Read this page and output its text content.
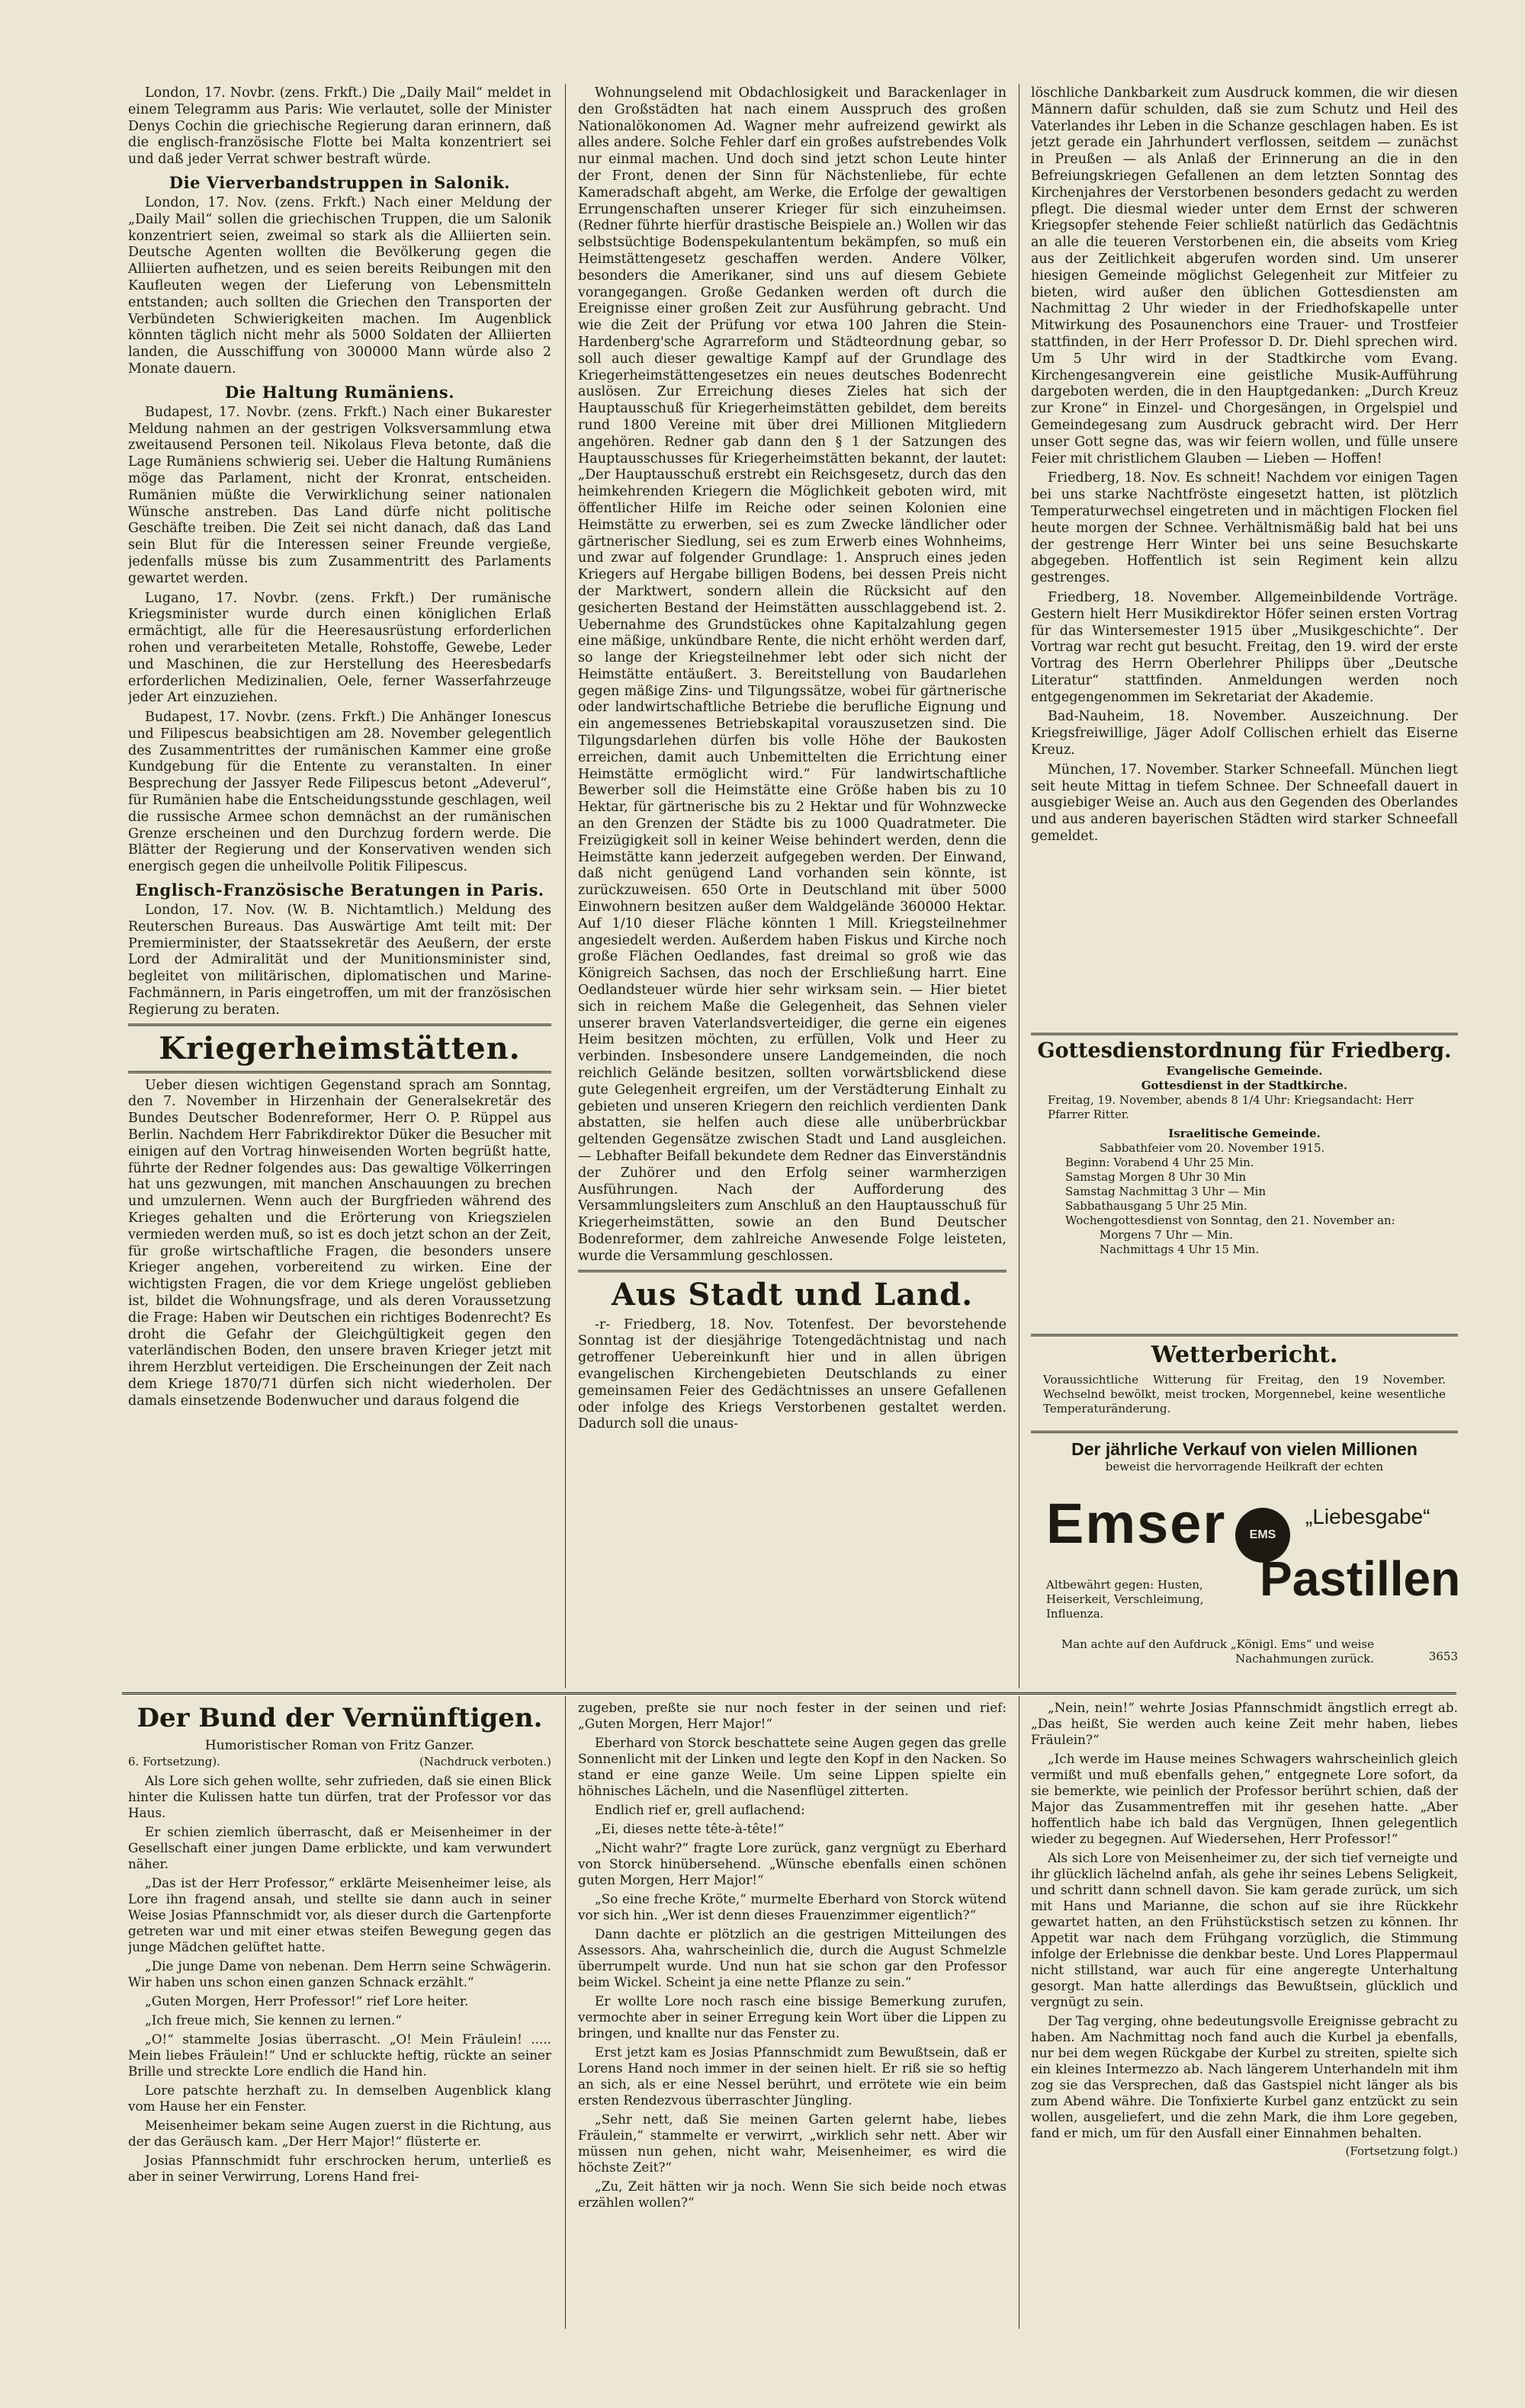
London, 17. Novbr. (zens. Frkft.) Die „Daily Mail“ meldet in einem Telegramm aus Paris: Wie verlautet, solle der Minister Denys Cochin die griechische Regierung daran erinnern, daß die englisch-französische Flotte bei Malta konzentriert sei und daß jeder Verrat schwer bestraft würde.

Die Vierverbandstruppen in Salonik.

London, 17. Nov. (zens. Frkft.) Nach einer Meldung der „Daily Mail“ sollen die griechischen Truppen, die um Salonik konzentriert seien, zweimal so stark als die Alliierten sein. Deutsche Agenten wollten die Bevölkerung gegen die Alliierten aufhetzen, und es seien bereits Reibungen mit den Kaufleuten wegen der Lieferung von Lebensmitteln entstanden; auch sollten die Griechen den Transporten der Verbündeten Schwierigkeiten machen. Im Augenblick könnten täglich nicht mehr als 5000 Soldaten der Alliierten landen, die Ausschiffung von 300000 Mann würde also 2 Monate dauern.

Die Haltung Rumäniens.

Budapest, 17. Novbr. (zens. Frkft.) Nach einer Bukarester Meldung nahmen an der gestrigen Volksversammlung etwa zweitausend Personen teil. Nikolaus Fleva betonte, daß die Lage Rumäniens schwierig sei. Ueber die Haltung Rumäniens möge das Parlament, nicht der Kronrat, entscheiden. Rumänien müßte die Verwirklichung seiner nationalen Wünsche anstreben. Das Land dürfe nicht politische Geschäfte treiben. Die Zeit sei nicht danach, daß das Land sein Blut für die Interessen seiner Freunde vergieße, jedenfalls müsse bis zum Zusammentritt des Parlaments gewartet werden.

Lugano, 17. Novbr. (zens. Frkft.) Der rumänische Kriegsminister wurde durch einen königlichen Erlaß ermächtigt, alle für die Heeresausrüstung erforderlichen rohen und verarbeiteten Metalle, Rohstoffe, Gewebe, Leder und Maschinen, die zur Herstellung des Heeresbedarfs erforderlichen Medizinalien, Oele, ferner Wasserfahrzeuge jeder Art einzuziehen.

Budapest, 17. Novbr. (zens. Frkft.) Die Anhänger Ionescus und Filipescus beabsichtigen am 28. November gelegentlich des Zusammentrittes der rumänischen Kammer eine große Kundgebung für die Entente zu veranstalten. In einer Besprechung der Jassyer Rede Filipescus betont „Adeverul“, für Rumänien habe die Entscheidungsstunde geschlagen, weil die russische Armee schon demnächst an der rumänischen Grenze erscheinen und den Durchzug fordern werde. Die Blätter der Regierung und der Konservativen wenden sich energisch gegen die unheilvolle Politik Filipescus.

Englisch-Französische Beratungen in Paris.

London, 17. Nov. (W. B. Nichtamtlich.) Meldung des Reuterschen Bureaus. Das Auswärtige Amt teilt mit: Der Premierminister, der Staatssekretär des Aeußern, der erste Lord der Admiralität und der Munitionsminister sind, begleitet von militärischen, diplomatischen und Marine-Fachmännern, in Paris eingetroffen, um mit der französischen Regierung zu beraten.

Kriegerheimstätten.

Ueber diesen wichtigen Gegenstand sprach am Sonntag, den 7. November in Hirzenhain der Generalsekretär des Bundes Deutscher Bodenreformer, Herr O. P. Rüppel aus Berlin. Nachdem Herr Fabrikdirektor Düker die Besucher mit einigen auf den Vortrag hinweisenden Worten begrüßt hatte, führte der Redner folgendes aus: Das gewaltige Völkerringen hat uns gezwungen, mit manchen Anschauungen zu brechen und umzulernen. Wenn auch der Burgfrieden während des Krieges gehalten und die Erörterung von Kriegszielen vermieden werden muß, so ist es doch jetzt schon an der Zeit, für große wirtschaftliche Fragen, die besonders unsere Krieger angehen, vorbereitend zu wirken. Eine der wichtigsten Fragen, die vor dem Kriege ungelöst geblieben ist, bildet die Wohnungsfrage, und als deren Voraussetzung die Frage: Haben wir Deutschen ein richtiges Bodenrecht? Es droht die Gefahr der Gleichgültigkeit gegen den vaterländischen Boden, den unsere braven Krieger jetzt mit ihrem Herzblut verteidigen. Die Erscheinungen der Zeit nach dem Kriege 1870/71 dürfen sich nicht wiederholen. Der damals einsetzende Bodenwucher und daraus folgend die

Wohnungselend mit Obdachlosigkeit und Barackenlager in den Großstädten hat nach einem Ausspruch des großen Nationalökonomen Ad. Wagner mehr aufreizend gewirkt als alles andere. Solche Fehler darf ein großes aufstrebendes Volk nur einmal machen. Und doch sind jetzt schon Leute hinter der Front, denen der Sinn für Nächstenliebe, für echte Kameradschaft abgeht, am Werke, die Erfolge der gewaltigen Errungenschaften unserer Krieger für sich einzuheimsen. (Redner führte hierfür drastische Beispiele an.) Wollen wir das selbstsüchtige Bodenspekulantentum bekämpfen, so muß ein Heimstättengesetz geschaffen werden. Andere Völker, besonders die Amerikaner, sind uns auf diesem Gebiete vorangegangen. Große Gedanken werden oft durch die Ereignisse einer großen Zeit zur Ausführung gebracht. Und wie die Zeit der Prüfung vor etwa 100 Jahren die Stein-Hardenberg'sche Agrarreform und Städteordnung gebar, so soll auch dieser gewaltige Kampf auf der Grundlage des Kriegerheimstättengesetzes ein neues deutsches Bodenrecht auslösen. Zur Erreichung dieses Zieles hat sich der Hauptausschuß für Kriegerheimstätten gebildet, dem bereits rund 1800 Vereine mit über drei Millionen Mitgliedern angehören. Redner gab dann den § 1 der Satzungen des Hauptausschusses für Kriegerheimstätten bekannt, der lautet: „Der Hauptausschuß erstrebt ein Reichsgesetz, durch das den heimkehrenden Kriegern die Möglichkeit geboten wird, mit öffentlicher Hilfe im Reiche oder seinen Kolonien eine Heimstätte zu erwerben, sei es zum Zwecke ländlicher oder gärtnerischer Siedlung, sei es zum Erwerb eines Wohnheims, und zwar auf folgender Grundlage: 1. Anspruch eines jeden Kriegers auf Hergabe billigen Bodens, bei dessen Preis nicht der Marktwert, sondern allein die Rücksicht auf den gesicherten Bestand der Heimstätten ausschlaggebend ist. 2. Uebernahme des Grundstückes ohne Kapitalzahlung gegen eine mäßige, unkündbare Rente, die nicht erhöht werden darf, so lange der Kriegsteilnehmer lebt oder sich nicht der Heimstätte entäußert. 3. Bereitstellung von Baudarlehen gegen mäßige Zins- und Tilgungssätze, wobei für gärtnerische oder landwirtschaftliche Betriebe die berufliche Eignung und ein angemessenes Betriebskapital vorauszusetzen sind. Die Tilgungsdarlehen dürfen bis volle Höhe der Baukosten erreichen, damit auch Unbemittelten die Errichtung einer Heimstätte ermöglicht wird.“ Für landwirtschaftliche Bewerber soll die Heimstätte eine Größe haben bis zu 10 Hektar, für gärtnerische bis zu 2 Hektar und für Wohnzwecke an den Grenzen der Städte bis zu 1000 Quadratmeter. Die Freizügigkeit soll in keiner Weise behindert werden, denn die Heimstätte kann jederzeit aufgegeben werden. Der Einwand, daß nicht genügend Land vorhanden sein könnte, ist zurückzuweisen. 650 Orte in Deutschland mit über 5000 Einwohnern besitzen außer dem Waldgelände 360000 Hektar. Auf 1/10 dieser Fläche könnten 1 Mill. Kriegsteilnehmer angesiedelt werden. Außerdem haben Fiskus und Kirche noch große Flächen Oedlandes, fast dreimal so groß wie das Königreich Sachsen, das noch der Erschließung harrt. Eine Oedlandsteuer würde hier sehr wirksam sein. — Hier bietet sich in reichem Maße die Gelegenheit, das Sehnen vieler unserer braven Vaterlandsverteidiger, die gerne ein eigenes Heim besitzen möchten, zu erfüllen, Volk und Heer zu verbinden. Insbesondere unsere Landgemeinden, die noch reichlich Gelände besitzen, sollten vorwärtsblickend diese gute Gelegenheit ergreifen, um der Verstädterung Einhalt zu gebieten und unseren Kriegern den reichlich verdienten Dank abstatten, sie helfen auch diese alle unüberbrückbar geltenden Gegensätze zwischen Stadt und Land ausgleichen. — Lebhafter Beifall bekundete dem Redner das Einverständnis der Zuhörer und den Erfolg seiner warmherzigen Ausführungen. Nach der Aufforderung des Versammlungsleiters zum Anschluß an den Hauptausschuß für Kriegerheimstätten, sowie an den Bund Deutscher Bodenreformer, dem zahlreiche Anwesende Folge leisteten, wurde die Versammlung geschlossen.

Aus Stadt und Land.

-r- Friedberg, 18. Nov. Totenfest. Der bevorstehende Sonntag ist der diesjährige Totengedächtnistag und nach getroffener Uebereinkunft hier und in allen übrigen evangelischen Kirchengebieten Deutschlands zu einer gemeinsamen Feier des Gedächtnisses an unsere Gefallenen oder infolge des Kriegs Verstorbenen gestaltet werden. Dadurch soll die unaus-

löschliche Dankbarkeit zum Ausdruck kommen, die wir diesen Männern dafür schulden, daß sie zum Schutz und Heil des Vaterlandes ihr Leben in die Schanze geschlagen haben. Es ist jetzt gerade ein Jahrhundert verflossen, seitdem — zunächst in Preußen — als Anlaß der Erinnerung an die in den Befreiungskriegen Gefallenen an dem letzten Sonntag des Kirchenjahres der Verstorbenen besonders gedacht zu werden pflegt. Die diesmal wieder unter dem Ernst der schweren Kriegsopfer stehende Feier schließt natürlich das Gedächtnis an alle die teueren Verstorbenen ein, die abseits vom Krieg aus der Zeitlichkeit abgerufen worden sind. Um unserer hiesigen Gemeinde möglichst Gelegenheit zur Mitfeier zu bieten, wird außer den üblichen Gottesdiensten am Nachmittag 2 Uhr wieder in der Friedhofskapelle unter Mitwirkung des Posaunenchors eine Trauer- und Trostfeier stattfinden, in der Herr Professor D. Dr. Diehl sprechen wird. Um 5 Uhr wird in der Stadtkirche vom Evang. Kirchengesangverein eine geistliche Musik-Aufführung dargeboten werden, die in den Hauptgedanken: „Durch Kreuz zur Krone“ in Einzel- und Chorgesängen, in Orgelspiel und Gemeindegesang zum Ausdruck gebracht wird. Der Herr unser Gott segne das, was wir feiern wollen, und fülle unsere Feier mit christlichem Glauben — Lieben — Hoffen!

Friedberg, 18. Nov. Es schneit! Nachdem vor einigen Tagen bei uns starke Nachtfröste eingesetzt hatten, ist plötzlich Temperaturwechsel eingetreten und in mächtigen Flocken fiel heute morgen der Schnee. Verhältnismäßig bald hat bei uns der gestrenge Herr Winter bei uns seine Besuchskarte abgegeben. Hoffentlich ist sein Regiment kein allzu gestrenges.

Friedberg, 18. November. Allgemeinbildende Vorträge. Gestern hielt Herr Musikdirektor Höfer seinen ersten Vortrag für das Wintersemester 1915 über „Musikgeschichte“. Der Vortrag war recht gut besucht. Freitag, den 19. wird der erste Vortrag des Herrn Oberlehrer Philipps über „Deutsche Literatur“ stattfinden. Anmeldungen werden noch entgegengenommen im Sekretariat der Akademie.

Bad-Nauheim, 18. November. Auszeichnung. Der Kriegsfreiwillige, Jäger Adolf Collischen erhielt das Eiserne Kreuz.

München, 17. November. Starker Schneefall. München liegt seit heute Mittag in tiefem Schnee. Der Schneefall dauert in ausgiebiger Weise an. Auch aus den Gegenden des Oberlandes und aus anderen bayerischen Städten wird starker Schneefall gemeldet.

Gottesdienstordnung für Friedberg.
Evangelische Gemeinde.
Gottesdienst in der Stadtkirche.
Freitag, 19. November, abends 8 1/4 Uhr: Kriegsandacht: Herr Pfarrer Ritter.
Israelitische Gemeinde.
Sabbathfeier vom 20. November 1915.
Beginn: Vorabend 4 Uhr 25 Min.
Samstag Morgen 8 Uhr 30 Min
Samstag Nachmittag 3 Uhr — Min
Sabbathausgang 5 Uhr 25 Min.
Wochengottesdienst von Sonntag, den 21. November an:
Morgens 7 Uhr — Min.
Nachmittags 4 Uhr 15 Min.
Wetterbericht.
Voraussichtliche Witterung für Freitag, den 19 November. Wechselnd bewölkt, meist trocken, Morgennebel, keine wesentliche Temperaturänderung.
Der jährliche Verkauf von vielen Millionen
beweist die hervorragende Heilkraft der echten
Emser	EMS
„Liebesgabe“
Pastillen
Altbewährt gegen: Husten, Heiserkeit, Verschleimung, Influenza.
Man achte auf den Aufdruck „Königl. Ems“ und weise Nachahmungen zurück.	3653
Der Bund der Vernünftigen.
Humoristischer Roman von Fritz Ganzer.
6. Fortsetzung).	(Nachdruck verboten.)

Als Lore sich gehen wollte, sehr zufrieden, daß sie einen Blick hinter die Kulissen hatte tun dürfen, trat der Professor vor das Haus.

Er schien ziemlich überrascht, daß er Meisenheimer in der Gesellschaft einer jungen Dame erblickte, und kam verwundert näher.

„Das ist der Herr Professor,“ erklärte Meisenheimer leise, als Lore ihn fragend ansah, und stellte sie dann auch in seiner Weise Josias Pfannschmidt vor, als dieser durch die Gartenpforte getreten war und mit einer etwas steifen Bewegung gegen das junge Mädchen gelüftet hatte.

„Die junge Dame von nebenan. Dem Herrn seine Schwägerin. Wir haben uns schon einen ganzen Schnack erzählt.“

„Guten Morgen, Herr Professor!“ rief Lore heiter.

„Ich freue mich, Sie kennen zu lernen.“

„O!“ stammelte Josias überrascht. „O! Mein Fräulein! ..... Mein liebes Fräulein!“ Und er schluckte heftig, rückte an seiner Brille und streckte Lore endlich die Hand hin.

Lore patschte herzhaft zu. In demselben Augenblick klang vom Hause her ein Fenster.

Meisenheimer bekam seine Augen zuerst in die Richtung, aus der das Geräusch kam. „Der Herr Major!“ flüsterte er.

Josias Pfannschmidt fuhr erschrocken herum, unterließ es aber in seiner Verwirrung, Lorens Hand frei-

zugeben, preßte sie nur noch fester in der seinen und rief: „Guten Morgen, Herr Major!“

Eberhard von Storck beschattete seine Augen gegen das grelle Sonnenlicht mit der Linken und legte den Kopf in den Nacken. So stand er eine ganze Weile. Um seine Lippen spielte ein höhnisches Lächeln, und die Nasenflügel zitterten.

Endlich rief er, grell auflachend:

„Ei, dieses nette tête-à-tête!“

„Nicht wahr?“ fragte Lore zurück, ganz vergnügt zu Eberhard von Storck hinübersehend. „Wünsche ebenfalls einen schönen guten Morgen, Herr Major!“

„So eine freche Kröte,“ murmelte Eberhard von Storck wütend vor sich hin. „Wer ist denn dieses Frauenzimmer eigentlich?“

Dann dachte er plötzlich an die gestrigen Mitteilungen des Assessors. Aha, wahrscheinlich die, durch die August Schmelzle überrumpelt wurde. Und nun hat sie schon gar den Professor beim Wickel. Scheint ja eine nette Pflanze zu sein.“

Er wollte Lore noch rasch eine bissige Bemerkung zurufen, vermochte aber in seiner Erregung kein Wort über die Lippen zu bringen, und knallte nur das Fenster zu.

Erst jetzt kam es Josias Pfannschmidt zum Bewußtsein, daß er Lorens Hand noch immer in der seinen hielt. Er riß sie so heftig an sich, als er eine Nessel berührt, und errötete wie ein beim ersten Rendezvous überraschter Jüngling.

„Sehr nett, daß Sie meinen Garten gelernt habe, liebes Fräulein,“ stammelte er verwirrt, „wirklich sehr nett. Aber wir müssen nun gehen, nicht wahr, Meisenheimer, es wird die höchste Zeit?“

„Zu, Zeit hätten wir ja noch. Wenn Sie sich beide noch etwas erzählen wollen?“

„Nein, nein!“ wehrte Josias Pfannschmidt ängstlich erregt ab. „Das heißt, Sie werden auch keine Zeit mehr haben, liebes Fräulein?“

„Ich werde im Hause meines Schwagers wahrscheinlich gleich vermißt und muß ebenfalls gehen,“ entgegnete Lore sofort, da sie bemerkte, wie peinlich der Professor berührt schien, daß der Major das Zusammentreffen mit ihr gesehen hatte. „Aber hoffentlich habe ich bald das Vergnügen, Ihnen gelegentlich wieder zu begegnen. Auf Wiedersehen, Herr Professor!“

Als sich Lore von Meisenheimer zu, der sich tief verneigte und ihr glücklich lächelnd anfah, als gehe ihr seines Lebens Seligkeit, und schritt dann schnell davon. Sie kam gerade zurück, um sich mit Hans und Marianne, die schon auf sie ihre Rückkehr gewartet hatten, an den Frühstückstisch setzen zu können. Ihr Appetit war nach dem Frühgang vorzüglich, die Stimmung infolge der Erlebnisse die denkbar beste. Und Lores Plappermaul nicht stillstand, war auch für eine angeregte Unterhaltung gesorgt. Man hatte allerdings das Bewußtsein, glücklich und vergnügt zu sein.

Der Tag verging, ohne bedeutungsvolle Ereignisse gebracht zu haben. Am Nachmittag noch fand auch die Kurbel ja ebenfalls, nur bei dem wegen Rückgabe der Kurbel zu streiten, spielte sich ein kleines Intermezzo ab. Nach längerem Unterhandeln mit ihm zog sie das Versprechen, daß das Gastspiel nicht länger als bis zum Abend währe. Die Tonfixierte Kurbel ganz entzückt zu sein wollen, ausgeliefert, und die zehn Mark, die ihm Lore gegeben, fand er mich, um für den Ausfall einer Einnahmen behalten.

(Fortsetzung folgt.)
